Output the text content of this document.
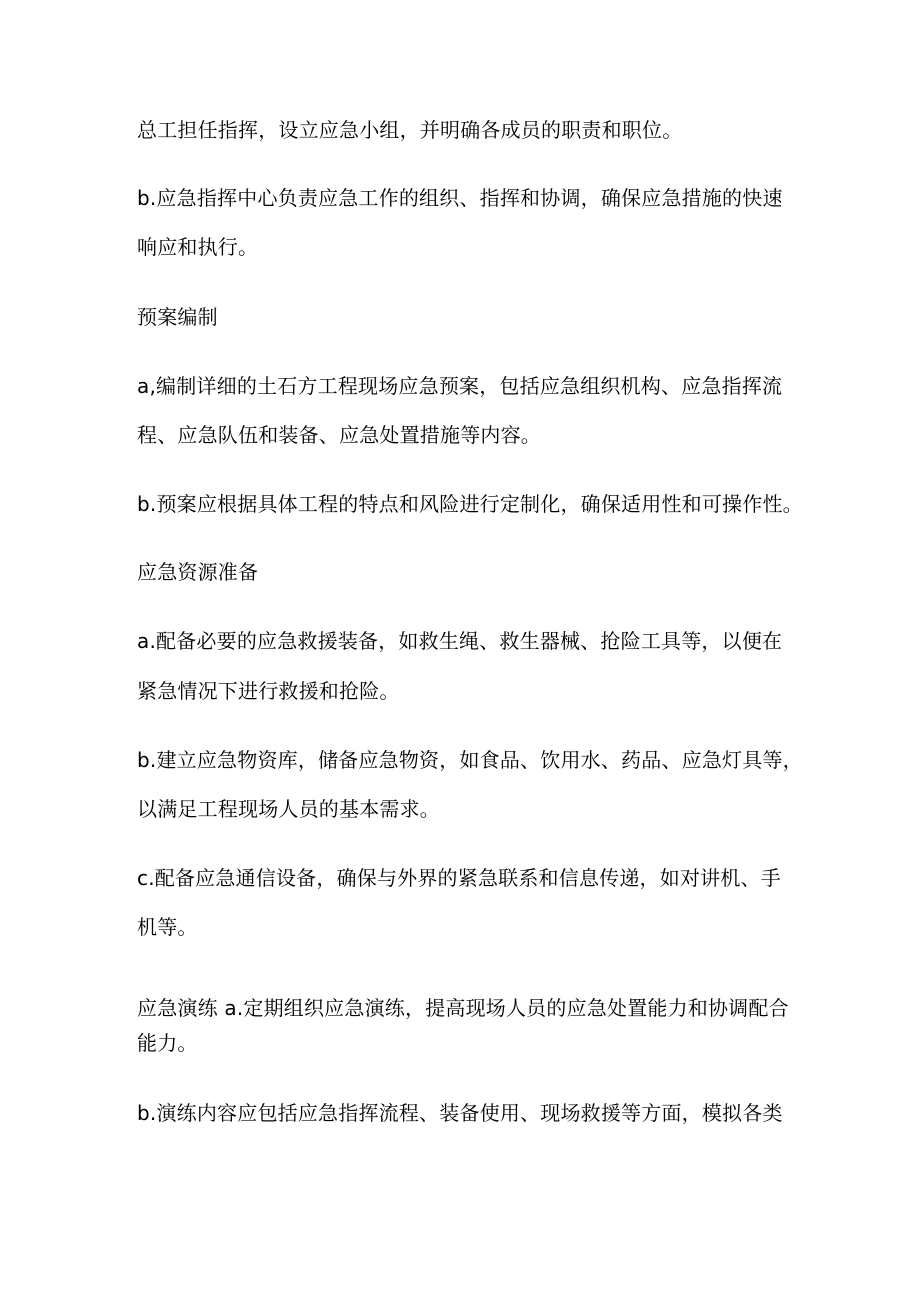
总工担任指挥，设立应急小组，并明确各成员的职责和职位。
b.应急指挥中心负责应急工作的组织、指挥和协调，确保应急措施的快速
响应和执行。
预案编制
a,编制详细的土石方工程现场应急预案，包括应急组织机构、应急指挥流
程、应急队伍和装备、应急处置措施等内容。
b.预案应根据具体工程的特点和风险进行定制化，确保适用性和可操作性。
应急资源准备
a.配备必要的应急救援装备，如救生绳、救生器械、抢险工具等，以便在
紧急情况下进行救援和抢险。
b.建立应急物资库，储备应急物资，如食品、饮用水、药品、应急灯具等，
以满足工程现场人员的基本需求。
c.配备应急通信设备，确保与外界的紧急联系和信息传递，如对讲机、手
机等。
应急演练 a.定期组织应急演练，提高现场人员的应急处置能力和协调配合
能力。
b.演练内容应包括应急指挥流程、装备使用、现场救援等方面，模拟各类
